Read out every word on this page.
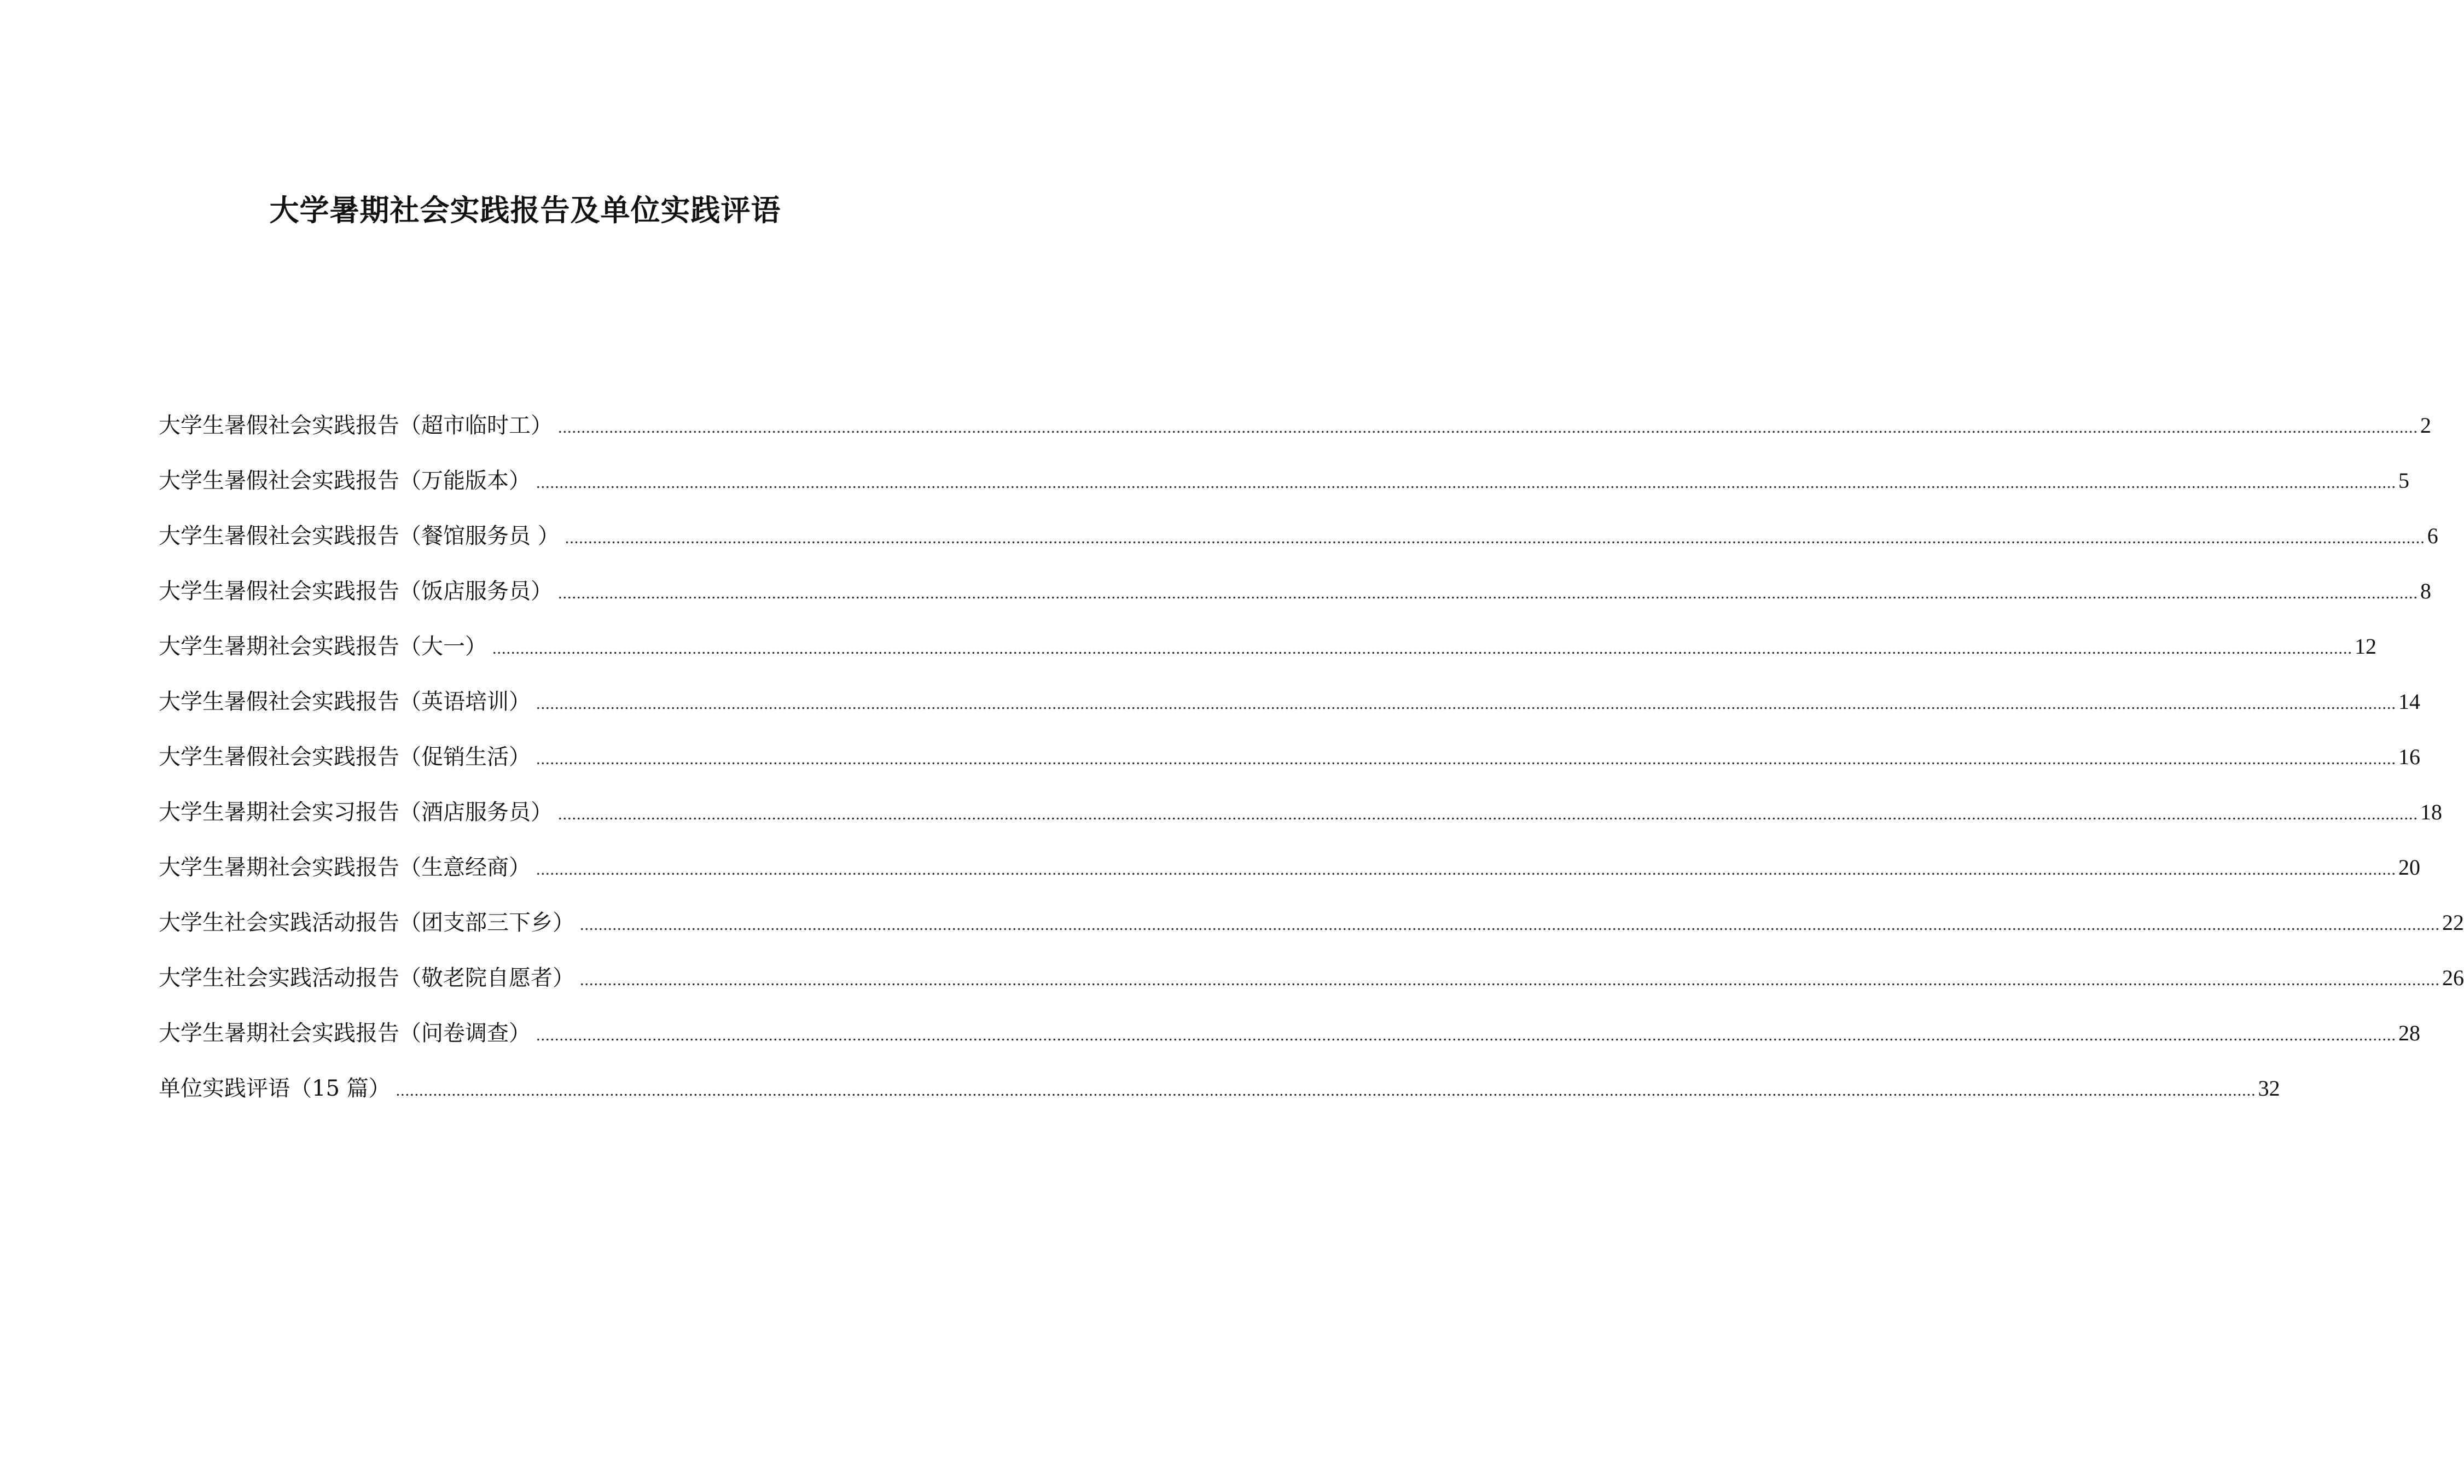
大学暑期社会实践报告及单位实践评语
大学生暑假社会实践报告（超市临时工） ................................................................................................................................................................................................................................................................................................................................................................................................................ 2
大学生暑假社会实践报告（万能版本） ................................................................................................................................................................................................................................................................................................................................................................................................................ 5
大学生暑假社会实践报告（餐馆服务员 ） ................................................................................................................................................................................................................................................................................................................................................................................................................ 6
大学生暑假社会实践报告（饭店服务员） ................................................................................................................................................................................................................................................................................................................................................................................................................ 8
大学生暑期社会实践报告（大一） ................................................................................................................................................................................................................................................................................................................................................................................................................ 12
大学生暑假社会实践报告（英语培训） ................................................................................................................................................................................................................................................................................................................................................................................................................ 14
大学生暑假社会实践报告（促销生活） ................................................................................................................................................................................................................................................................................................................................................................................................................ 16
大学生暑期社会实习报告（酒店服务员） ................................................................................................................................................................................................................................................................................................................................................................................................................ 18
大学生暑期社会实践报告（生意经商） ................................................................................................................................................................................................................................................................................................................................................................................................................ 20
大学生社会实践活动报告（团支部三下乡） ................................................................................................................................................................................................................................................................................................................................................................................................................ 22
大学生社会实践活动报告（敬老院自愿者） ................................................................................................................................................................................................................................................................................................................................................................................................................ 26
大学生暑期社会实践报告（问卷调查） ................................................................................................................................................................................................................................................................................................................................................................................................................ 28
单位实践评语（15 篇） ................................................................................................................................................................................................................................................................................................................................................................................................................ 32
